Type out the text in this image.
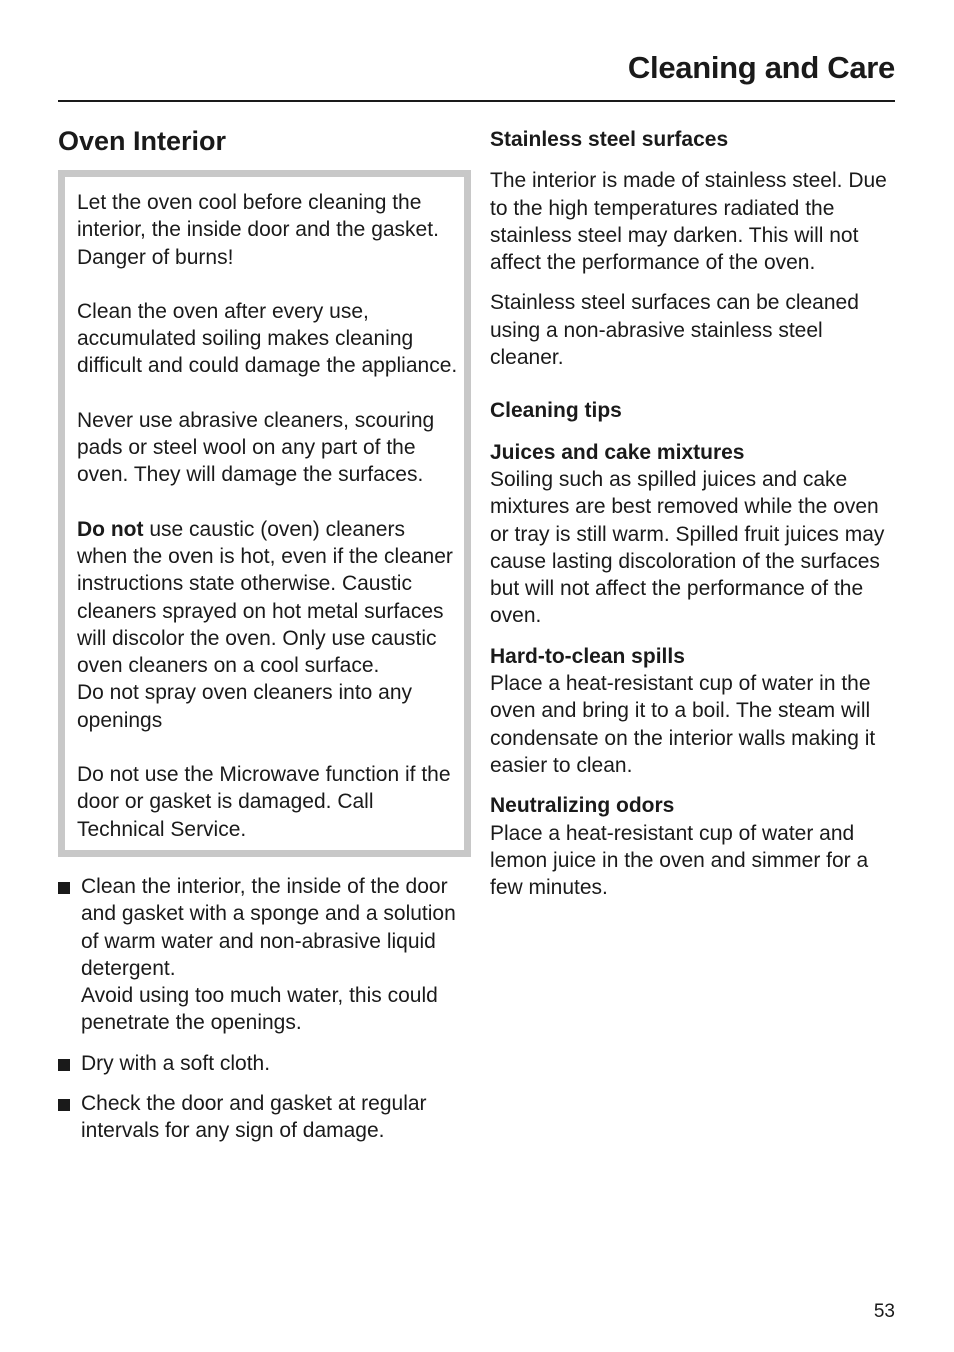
Cleaning and Care
Oven Interior

Let the oven cool before cleaning the interior, the inside door and the gasket. Danger of burns!

Clean the oven after every use, accumulated soiling makes cleaning difficult and could damage the appliance.

Never use abrasive cleaners, scouring pads or steel wool on any part of the oven. They will damage the surfaces.

Do not use caustic (oven) cleaners when the oven is hot, even if the cleaner instructions state otherwise. Caustic cleaners sprayed on hot metal surfaces will discolor the oven. Only use caustic oven cleaners on a cool surface.
Do not spray oven cleaners into any openings

Do not use the Microwave function if the door or gasket is damaged. Call Technical Service.

Clean the interior, the inside of the door and gasket with a sponge and a solution of warm water and non-abrasive liquid detergent.
Avoid using too much water, this could penetrate the openings.
Dry with a soft cloth.
Check the door and gasket at regular intervals for any sign of damage.
Stainless steel surfaces

The interior is made of stainless steel. Due to the high temperatures radiated the stainless steel may darken. This will not affect the performance of the oven.

Stainless steel surfaces can be cleaned using a non-abrasive stainless steel cleaner.

Cleaning tips
Juices and cake mixtures

Soiling such as spilled juices and cake mixtures are best removed while the oven or tray is still warm. Spilled fruit juices may cause lasting discoloration of the surfaces but will not affect the performance of the oven.

Hard-to-clean spills

Place a heat-resistant cup of water in the oven and bring it to a boil. The steam will condensate on the interior walls making it easier to clean.

Neutralizing odors

Place a heat-resistant cup of water and lemon juice in the oven and simmer for a few minutes.

53
